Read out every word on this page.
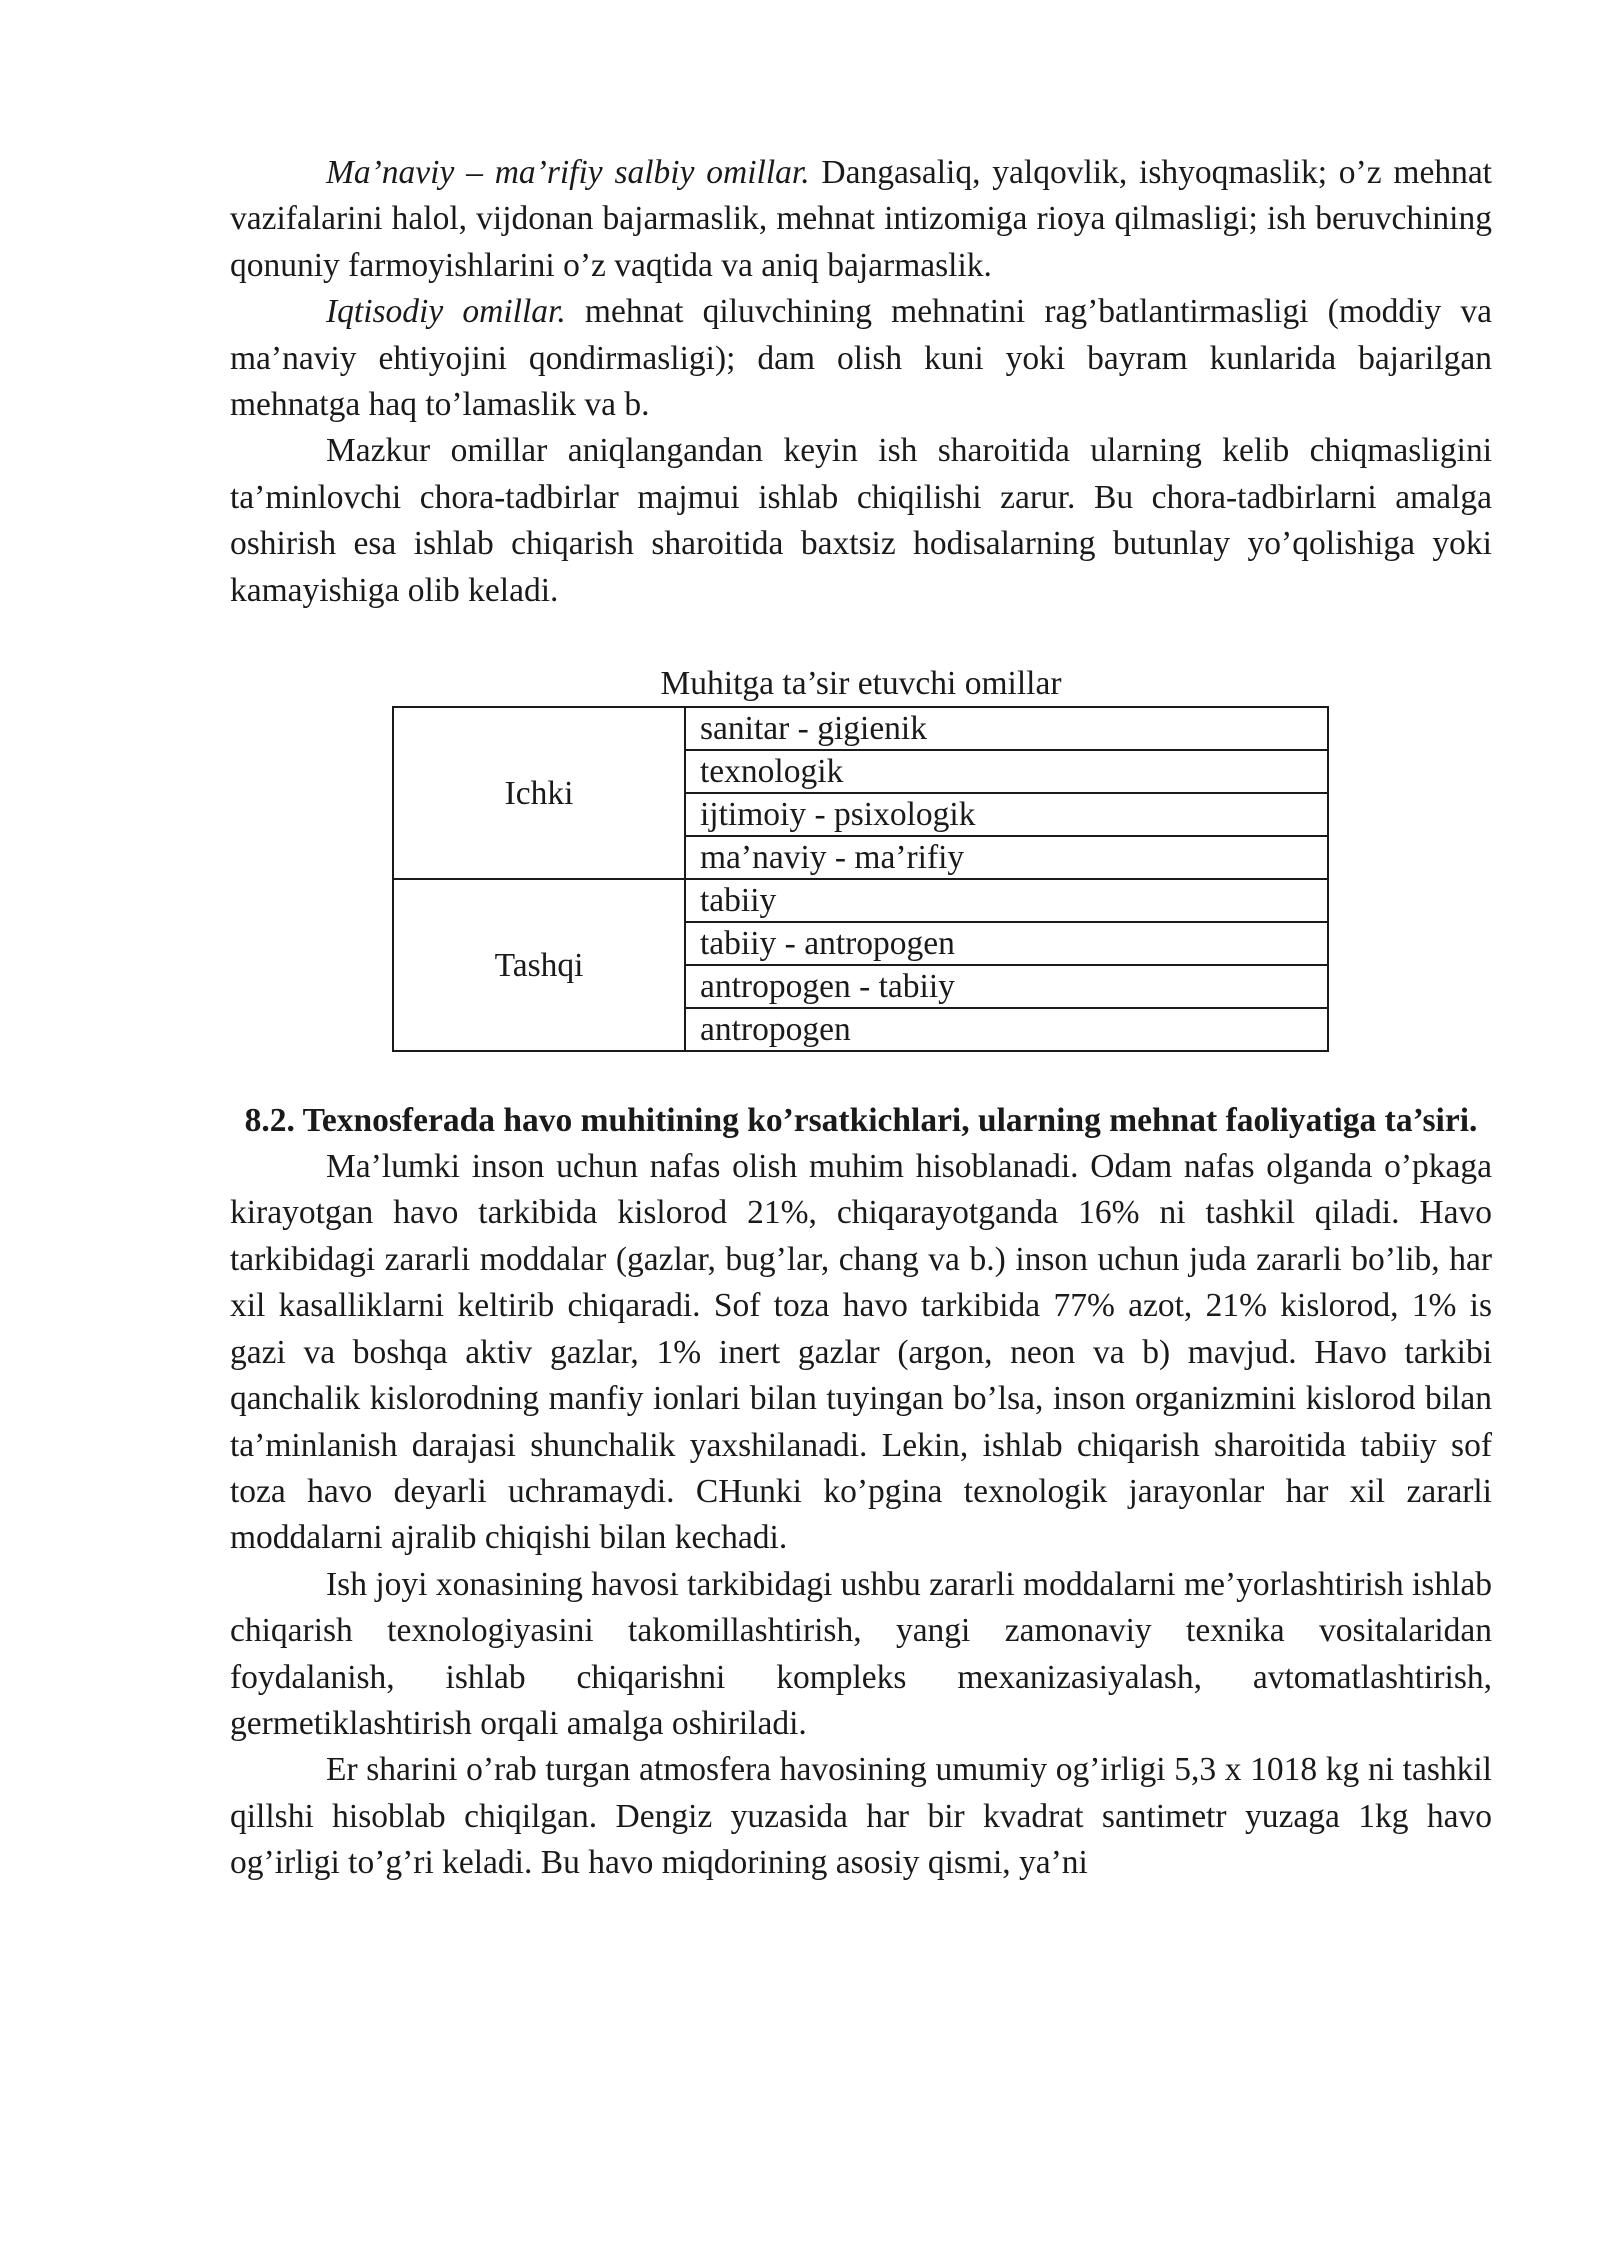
Ma’naviy – ma’rifiy salbiy omillar. Dangasaliq, yalqovlik, ishyoqmaslik; o’z mehnat vazifalarini halol, vijdonan bajarmaslik, mehnat intizomiga rioya qilmasligi; ish beruvchining qonuniy farmoyishlarini o’z vaqtida va aniq bajarmaslik.

Iqtisodiy omillar. mehnat qiluvchining mehnatini rag’batlantirmasligi (moddiy va ma’naviy ehtiyojini qondirmasligi); dam olish kuni yoki bayram kunlarida bajarilgan mehnatga haq to’lamaslik va b.

Mazkur omillar aniqlangandan keyin ish sharoitida ularning kelib chiqmasligini ta’minlovchi chora-tadbirlar majmui ishlab chiqilishi zarur. Bu chora-tadbirlarni amalga oshirish esa ishlab chiqarish sharoitida baxtsiz hodisalarning butunlay yo’qolishiga yoki kamayishiga olib keladi.

Muhitga ta’sir etuvchi omillar
Ichki	sanitar - gigienik
	texnologik
	ijtimoiy - psixologik
	ma’naviy - ma’rifiy
Tashqi	tabiiy
	tabiiy - antropogen
	antropogen - tabiiy
	antropogen
8.2. Texnosferada havo muhitining ko’rsatkichlari, ularning mehnat faoliyatiga ta’siri.

Ma’lumki inson uchun nafas olish muhim hisoblanadi. Odam nafas olganda o’pkaga kirayotgan havo tarkibida kislorod 21%, chiqarayotganda 16% ni tashkil qiladi. Havo tarkibidagi zararli moddalar (gazlar, bug’lar, chang va b.) inson uchun juda zararli bo’lib, har xil kasalliklarni keltirib chiqaradi. Sof toza havo tarkibida 77% azot, 21% kislorod, 1% is gazi va boshqa aktiv gazlar, 1% inert gazlar (argon, neon va b) mavjud. Havo tarkibi qanchalik kislorodning manfiy ionlari bilan tuyingan bo’lsa, inson organizmini kislorod bilan ta’minlanish darajasi shunchalik yaxshilanadi. Lekin, ishlab chiqarish sharoitida tabiiy sof toza havo deyarli uchramaydi. CHunki ko’pgina texnologik jarayonlar har xil zararli moddalarni ajralib chiqishi bilan kechadi.

Ish joyi xonasining havosi tarkibidagi ushbu zararli moddalarni me’yorlashtirish ishlab chiqarish texnologiyasini takomillashtirish, yangi zamonaviy texnika vositalaridan foydalanish, ishlab chiqarishni kompleks mexanizasiyalash, avtomatlashtirish, germetiklashtirish orqali amalga oshiriladi.

Er sharini o’rab turgan atmosfera havosining umumiy og’irligi 5,3 x 1018 kg ni tashkil qillshi hisoblab chiqilgan. Dengiz yuzasida har bir kvadrat santimetr yuzaga 1kg havo og’irligi to’g’ri keladi. Bu havo miqdorining asosiy qismi, ya’ni
